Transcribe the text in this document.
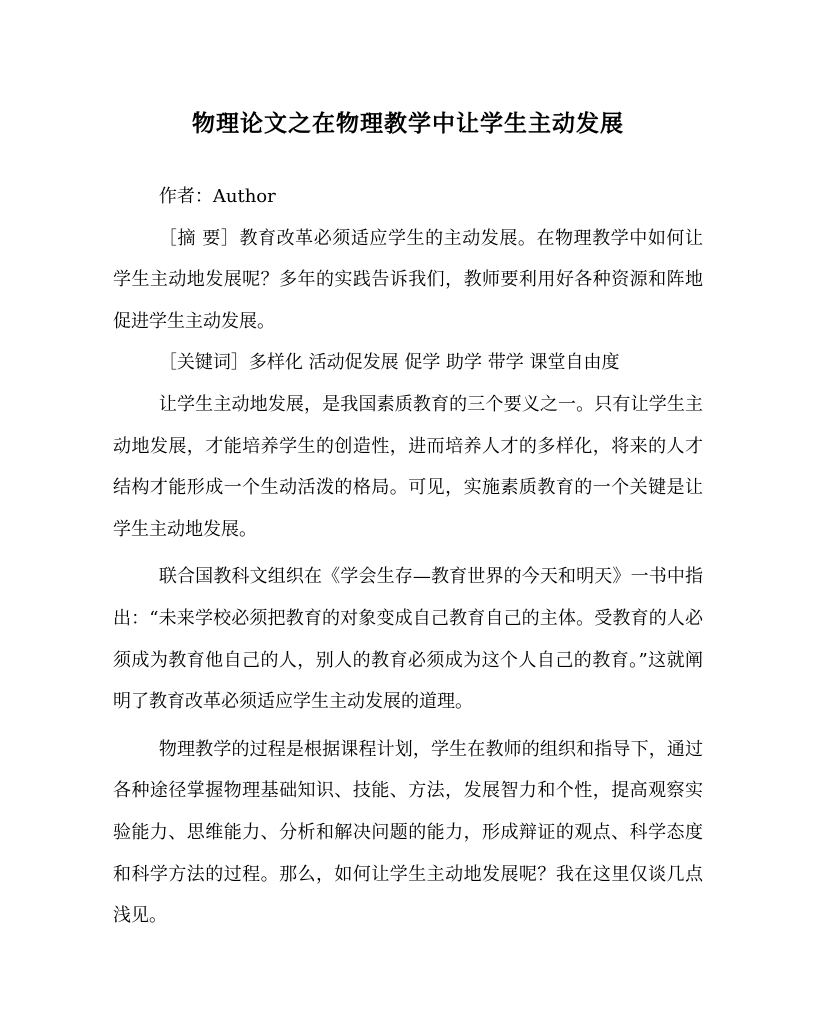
物理论文之在物理教学中让学生主动发展

作者：Author

［摘 要］教育改革必须适应学生的主动发展。在物理教学中如何让学生主动地发展呢？多年的实践告诉我们，教师要利用好各种资源和阵地促进学生主动发展。

［关键词］多样化 活动促发展 促学 助学 带学 课堂自由度

让学生主动地发展，是我国素质教育的三个要义之一。只有让学生主动地发展，才能培养学生的创造性，进而培养人才的多样化，将来的人才结构才能形成一个生动活泼的格局。可见，实施素质教育的一个关键是让学生主动地发展。

联合国教科文组织在《学会生存—教育世界的今天和明天》一书中指出：“未来学校必须把教育的对象变成自己教育自己的主体。受教育的人必须成为教育他自己的人，别人的教育必须成为这个人自己的教育。”这就阐明了教育改革必须适应学生主动发展的道理。

物理教学的过程是根据课程计划，学生在教师的组织和指导下，通过各种途径掌握物理基础知识、技能、方法，发展智力和个性，提高观察实验能力、思维能力、分析和解决问题的能力，形成辩证的观点、科学态度和科学方法的过程。那么，如何让学生主动地发展呢？我在这里仅谈几点浅见。
